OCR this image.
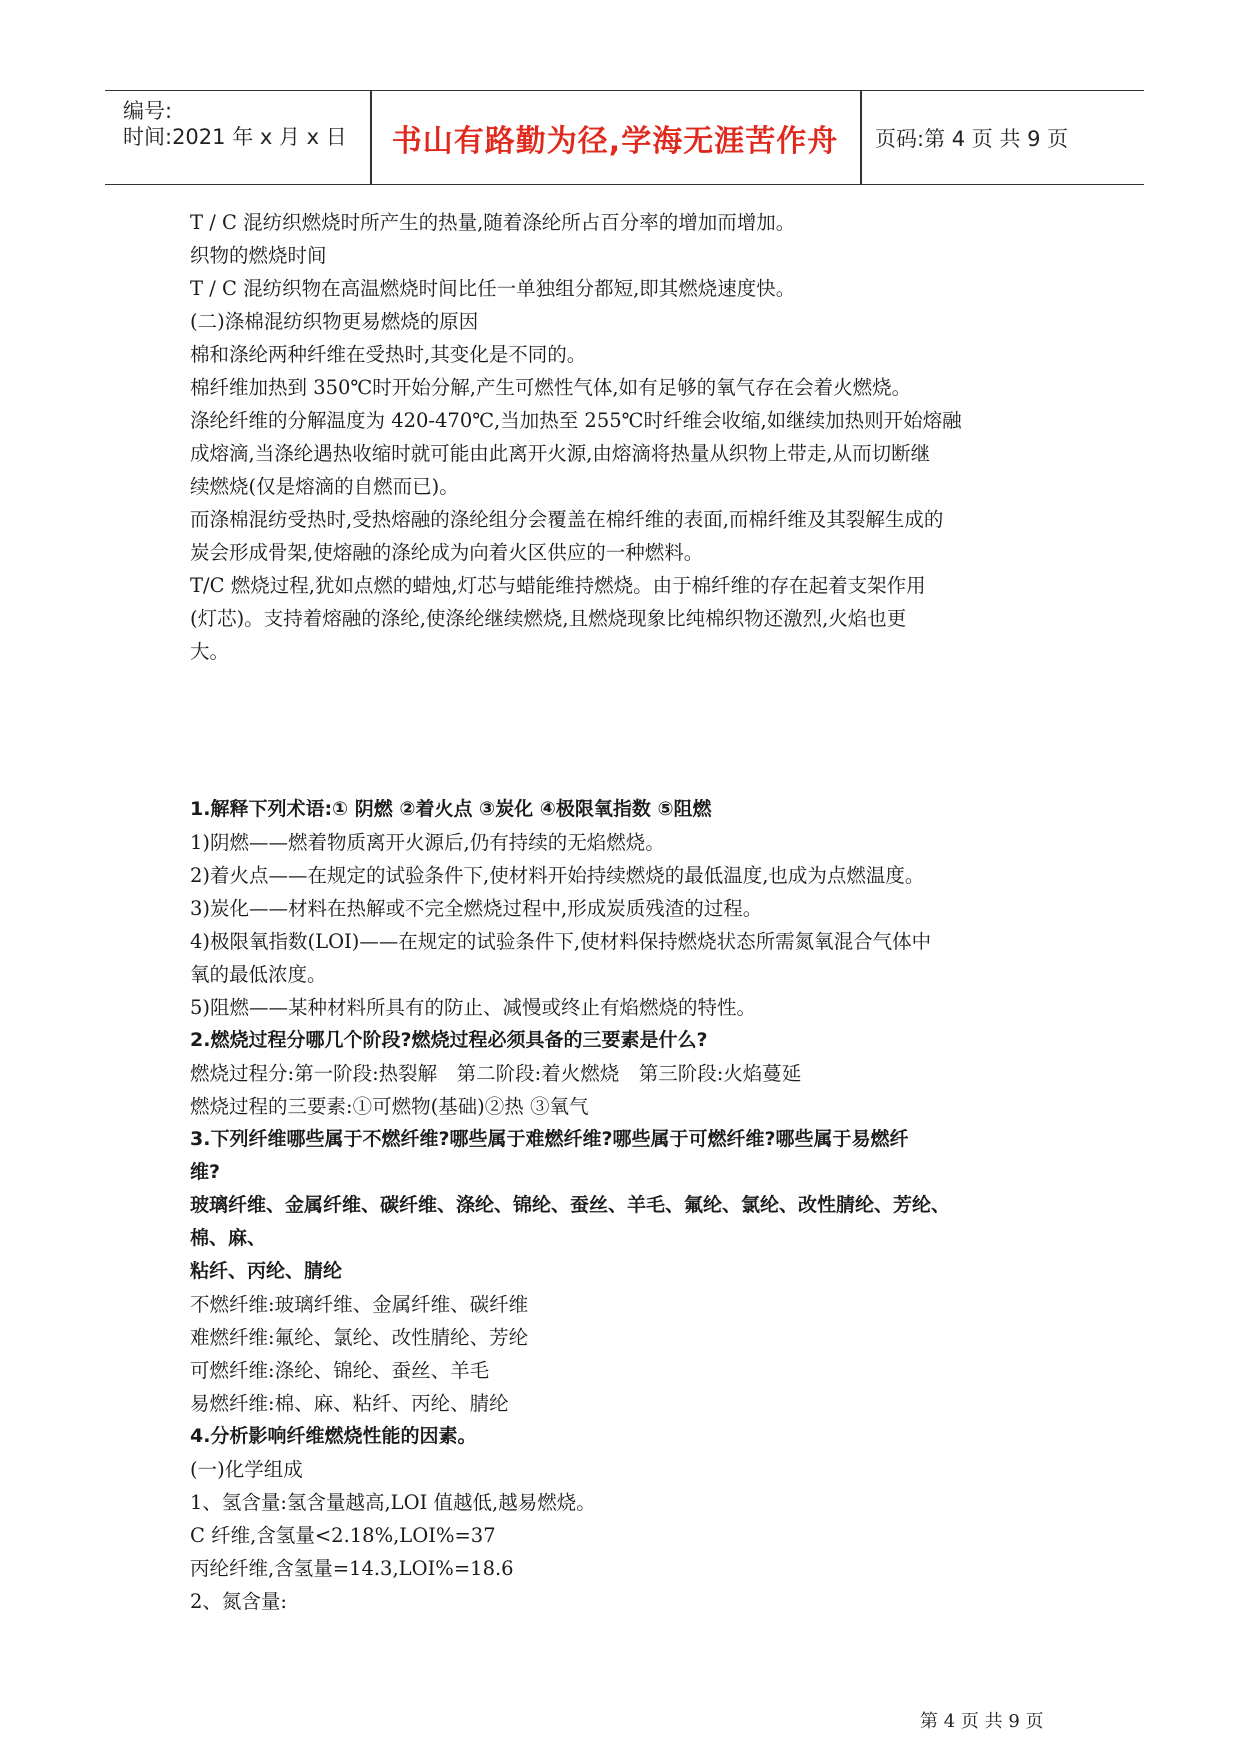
编号:
时间:2021 年 x 月 x 日	书山有路勤为径,学海无涯苦作舟	页码:第 4 页 共 9 页
T / C 混纺织燃烧时所产生的热量,随着涤纶所占百分率的增加而增加。
织物的燃烧时间
T / C 混纺织物在高温燃烧时间比任一单独组分都短,即其燃烧速度快。
(二)涤棉混纺织物更易燃烧的原因
棉和涤纶两种纤维在受热时,其变化是不同的。
棉纤维加热到 350℃时开始分解,产生可燃性气体,如有足够的氧气存在会着火燃烧。
涤纶纤维的分解温度为 420-470℃,当加热至 255℃时纤维会收缩,如继续加热则开始熔融
成熔滴,当涤纶遇热收缩时就可能由此离开火源,由熔滴将热量从织物上带走,从而切断继
续燃烧(仅是熔滴的自燃而已)。
而涤棉混纺受热时,受热熔融的涤纶组分会覆盖在棉纤维的表面,而棉纤维及其裂解生成的
炭会形成骨架,使熔融的涤纶成为向着火区供应的一种燃料。
T/C 燃烧过程,犹如点燃的蜡烛,灯芯与蜡能维持燃烧。由于棉纤维的存在起着支架作用
(灯芯)。支持着熔融的涤纶,使涤纶继续燃烧,且燃烧现象比纯棉织物还激烈,火焰也更
大。
1.解释下列术语:① 阴燃 ②着火点 ③炭化 ④极限氧指数 ⑤阻燃
1)阴燃——燃着物质离开火源后,仍有持续的无焰燃烧。
2)着火点——在规定的试验条件下,使材料开始持续燃烧的最低温度,也成为点燃温度。
3)炭化——材料在热解或不完全燃烧过程中,形成炭质残渣的过程。
4)极限氧指数(LOI)——在规定的试验条件下,使材料保持燃烧状态所需氮氧混合气体中
氧的最低浓度。
5)阻燃——某种材料所具有的防止、减慢或终止有焰燃烧的特性。
2.燃烧过程分哪几个阶段?燃烧过程必须具备的三要素是什么?
燃烧过程分:第一阶段:热裂解　第二阶段:着火燃烧　第三阶段:火焰蔓延
燃烧过程的三要素:①可燃物(基础)②热 ③氧气
3.下列纤维哪些属于不燃纤维?哪些属于难燃纤维?哪些属于可燃纤维?哪些属于易燃纤
维?
玻璃纤维、金属纤维、碳纤维、涤纶、锦纶、蚕丝、羊毛、氟纶、氯纶、改性腈纶、芳纶、
棉、麻、
粘纤、丙纶、腈纶
不燃纤维:玻璃纤维、金属纤维、碳纤维
难燃纤维:氟纶、氯纶、改性腈纶、芳纶
可燃纤维:涤纶、锦纶、蚕丝、羊毛
易燃纤维:棉、麻、粘纤、丙纶、腈纶
4.分析影响纤维燃烧性能的因素。
(一)化学组成
1、氢含量:氢含量越高,LOI 值越低,越易燃烧。
C 纤维,含氢量<2.18%,LOI%=37
丙纶纤维,含氢量=14.3,LOI%=18.6
2、氮含量:
第 4 页 共 9 页
